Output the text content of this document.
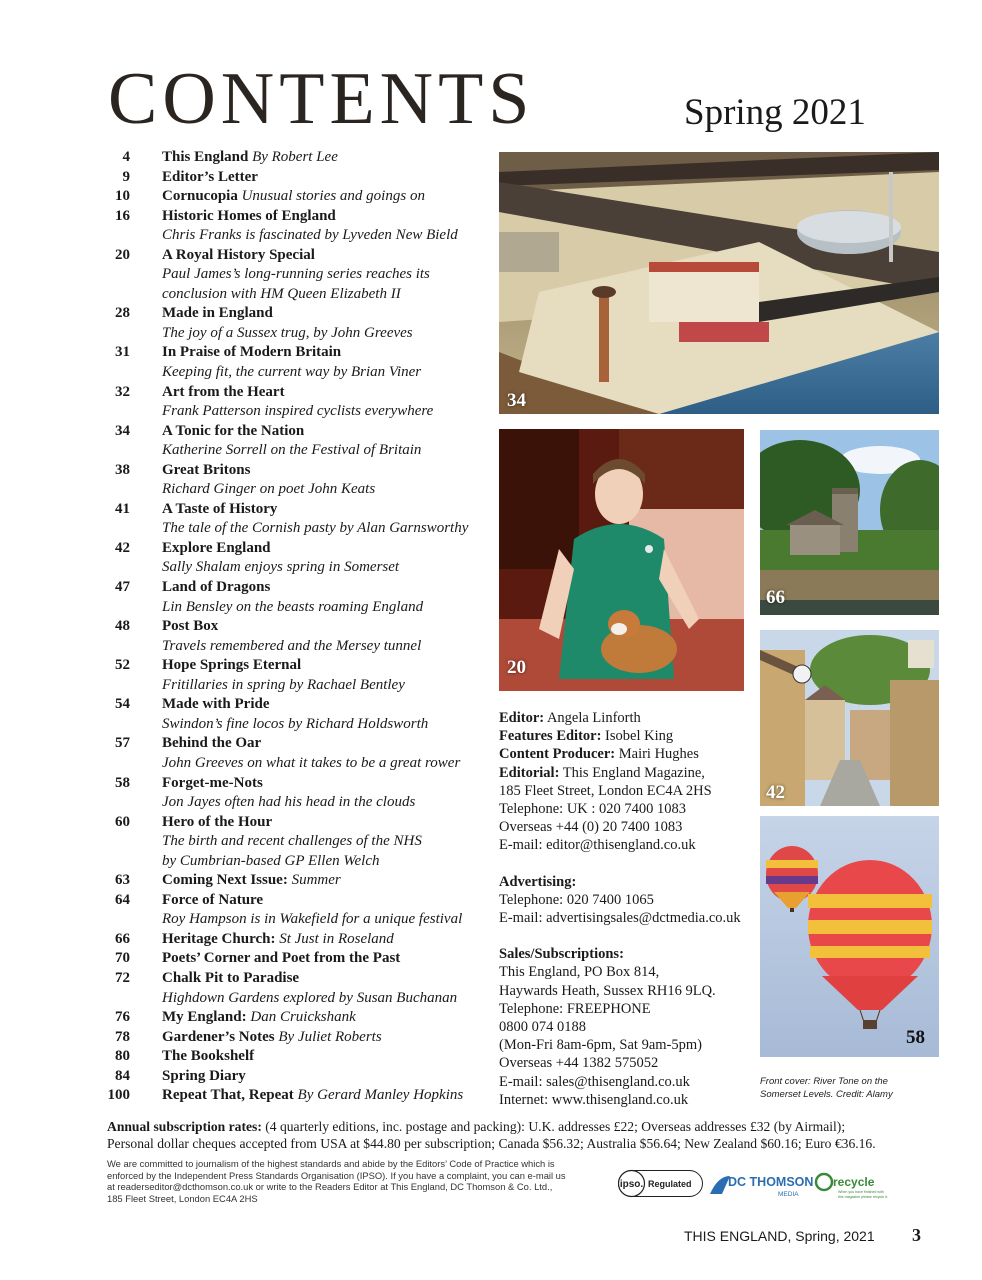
CONTENTS	Spring 2021
4 This England By Robert Lee
9 Editor’s Letter
10 Cornucopia Unusual stories and goings on
16 Historic Homes of England
Chris Franks is fascinated by Lyveden New Bield
20 A Royal History Special
Paul James’s long-running series reaches its
conclusion with HM Queen Elizabeth II
28 Made in England
The joy of a Sussex trug, by John Greeves
31 In Praise of Modern Britain
Keeping fit, the current way by Brian Viner
32 Art from the Heart
Frank Patterson inspired cyclists everywhere
34 A Tonic for the Nation
Katherine Sorrell on the Festival of Britain
38 Great Britons
Richard Ginger on poet John Keats
41 A Taste of History
The tale of the Cornish pasty by Alan Garnsworthy
42 Explore England
Sally Shalam enjoys spring in Somerset
47 Land of Dragons
Lin Bensley on the beasts roaming England
48 Post Box
Travels remembered and the Mersey tunnel
52 Hope Springs Eternal
Fritillaries in spring by Rachael Bentley
54 Made with Pride
Swindon’s fine locos by Richard Holdsworth
57 Behind the Oar
John Greeves on what it takes to be a great rower
58 Forget-me-Nots
Jon Jayes often had his head in the clouds
60 Hero of the Hour
The birth and recent challenges of the NHS
by Cumbrian-based GP Ellen Welch
63 Coming Next Issue: Summer
64 Force of Nature
Roy Hampson is in Wakefield for a unique festival
66 Heritage Church: St Just in Roseland
70 Poets’ Corner and Poet from the Past
72 Chalk Pit to Paradise
Highdown Gardens explored by Susan Buchanan
76 My England: Dan Cruickshank
78 Gardener’s Notes By Juliet Roberts
80 The Bookshelf
84 Spring Diary
100 Repeat That, Repeat By Gerard Manley Hopkins
34
20
66
42
58
Editor: Angela Linforth
Features Editor: Isobel King
Content Producer: Mairi Hughes
Editorial: This England Magazine,
185 Fleet Street, London EC4A 2HS
Telephone: UK : 020 7400 1083
Overseas +44 (0) 20 7400 1083
E-mail: editor@thisengland.co.uk
Advertising:
Telephone: 020 7400 1065
E-mail: advertisingsales@dctmedia.co.uk
Sales/Subscriptions:
This England, PO Box 814,
Haywards Heath, Sussex RH16 9LQ.
Telephone: FREEPHONE
0800 074 0188
(Mon-Fri 8am-6pm, Sat 9am-5pm)
Overseas +44 1382 575052
E-mail: sales@thisengland.co.uk
Internet: www.thisengland.co.uk
Front cover: River Tone on the
Somerset Levels. Credit: Alamy
Annual subscription rates: (4 quarterly editions, inc. postage and packing): U.K. addresses £22; Overseas addresses £32 (by Airmail);
Personal dollar cheques accepted from USA at $44.80 per subscription; Canada $56.32; Australia $56.64; New Zealand $60.16; Euro €36.16.
We are committed to journalism of the highest standards and abide by the Editors’ Code of Practice which is
enforced by the Independent Press Standards Organisation (IPSO). If you have a complaint, you can e-mail us
at readerseditor@dcthomson.co.uk or write to the Readers Editor at This England, DC Thomson & Co. Ltd.,
185 Fleet Street, London EC4A 2HS
ipso. Regulated	DC THOMSON
MEDIA
recycle
When you have finished with
this magazine please recycle it.
THIS ENGLAND, Spring, 2021 3
